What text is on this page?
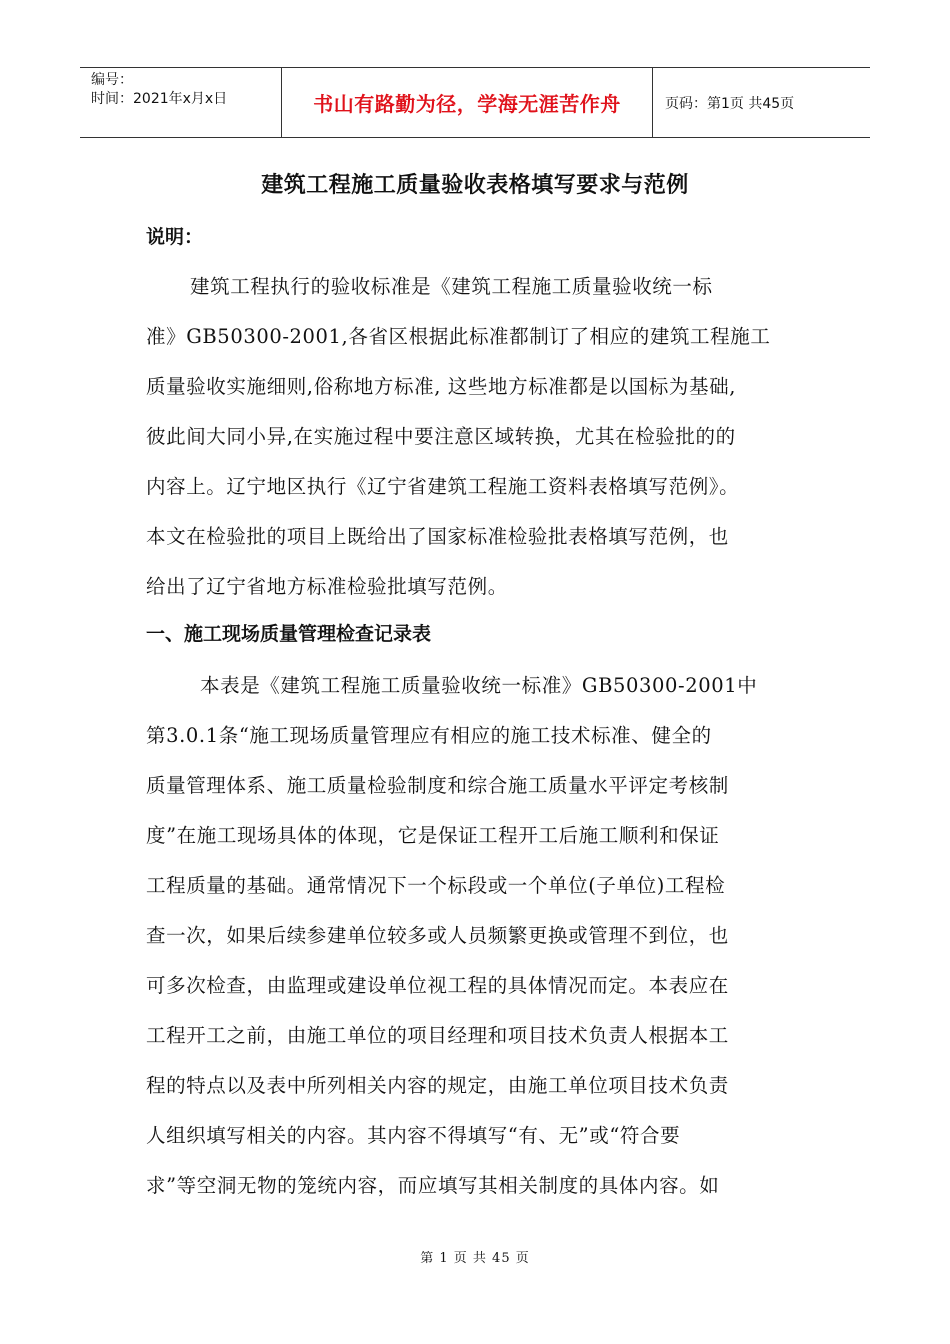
编号：
时间：2021年x月x日	书山有路勤为径，学海无涯苦作舟	页码：第1页 共45页
建筑工程施工质量验收表格填写要求与范例
说明：
建筑工程执行的验收标准是《建筑工程施工质量验收统一标
准》GB50300-2001,各省区根据此标准都制订了相应的建筑工程施工
质量验收实施细则,俗称地方标准, 这些地方标准都是以国标为基础,
彼此间大同小异,在实施过程中要注意区域转换，尤其在检验批的的
内容上。辽宁地区执行《辽宁省建筑工程施工资料表格填写范例》。
本文在检验批的项目上既给出了国家标准检验批表格填写范例，也
给出了辽宁省地方标准检验批填写范例。
一、施工现场质量管理检查记录表
本表是《建筑工程施工质量验收统一标准》GB50300-2001中
第3.0.1条“施工现场质量管理应有相应的施工技术标准、健全的
质量管理体系、施工质量检验制度和综合施工质量水平评定考核制
度”在施工现场具体的体现，它是保证工程开工后施工顺利和保证
工程质量的基础。通常情况下一个标段或一个单位(子单位)工程检
查一次，如果后续参建单位较多或人员频繁更换或管理不到位，也
可多次检查，由监理或建设单位视工程的具体情况而定。本表应在
工程开工之前，由施工单位的项目经理和项目技术负责人根据本工
程的特点以及表中所列相关内容的规定，由施工单位项目技术负责
人组织填写相关的内容。其内容不得填写“有、无”或“符合要
求”等空洞无物的笼统内容，而应填写其相关制度的具体内容。如
第 1 页 共 45 页
